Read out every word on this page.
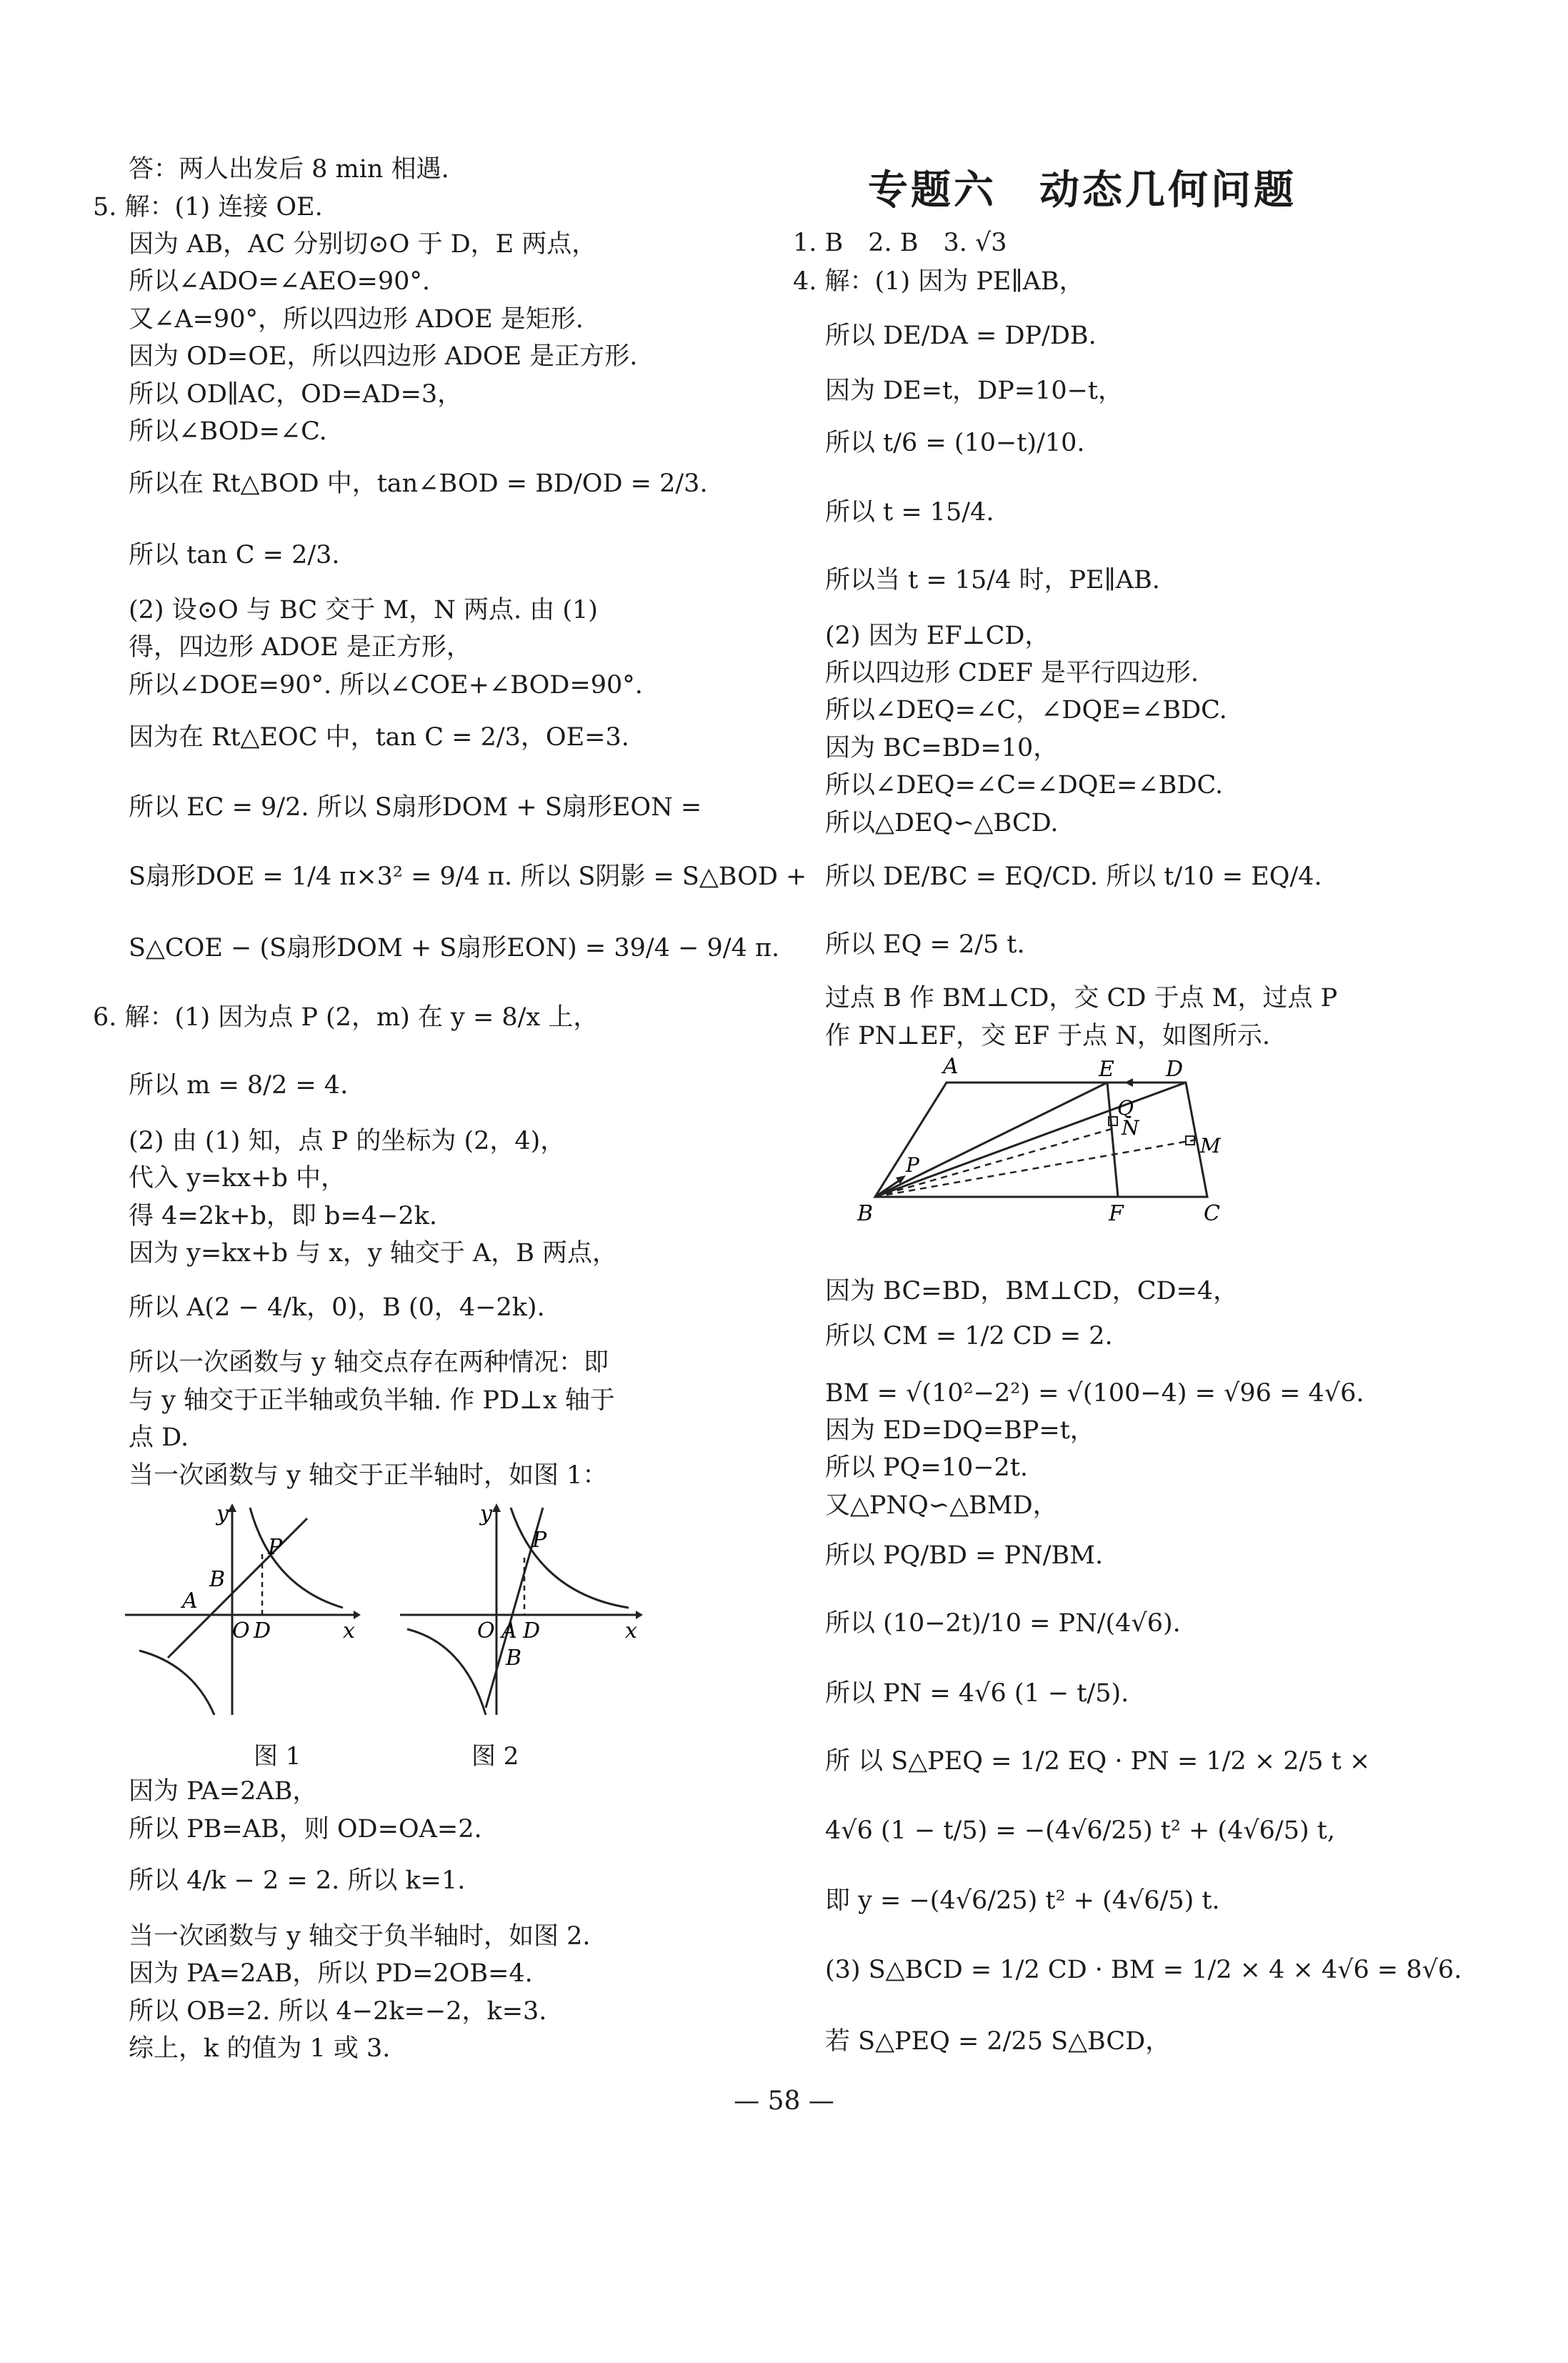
答：两人出发后 8 min 相遇.
5. 解：(1) 连接 OE.
因为 AB，AC 分别切⊙O 于 D，E 两点，
所以∠ADO=∠AEO=90°.
又∠A=90°，所以四边形 ADOE 是矩形.
因为 OD=OE，所以四边形 ADOE 是正方形.
所以 OD∥AC，OD=AD=3，
所以∠BOD=∠C.
所以在 Rt△BOD 中，tan∠BOD = BD/OD = 2/3.
所以 tan C = 2/3.
(2) 设⊙O 与 BC 交于 M，N 两点. 由 (1)
得，四边形 ADOE 是正方形，
所以∠DOE=90°. 所以∠COE+∠BOD=90°.
因为在 Rt△EOC 中，tan C = 2/3，OE=3.
所以 EC = 9/2. 所以 S扇形DOM + S扇形EON =
S扇形DOE = 1/4 π×3² = 9/4 π. 所以 S阴影 = S△BOD +
S△COE − (S扇形DOM + S扇形EON) = 39/4 − 9/4 π.
6. 解：(1) 因为点 P (2，m) 在 y = 8/x 上，
所以 m = 8/2 = 4.
(2) 由 (1) 知，点 P 的坐标为 (2，4)，
代入 y=kx+b 中，
得 4=2k+b，即 b=4−2k.
因为 y=kx+b 与 x，y 轴交于 A，B 两点，
所以 A(2 − 4/k，0)，B (0，4−2k).
所以一次函数与 y 轴交点存在两种情况：即
与 y 轴交于正半轴或负半轴. 作 PD⊥x 轴于
点 D.
当一次函数与 y 轴交于正半轴时，如图 1：
y
B
A
P
O D	x
图 1
y
P
O A D
B
x
图 2
因为 PA=2AB，
所以 PB=AB，则 OD=OA=2.
所以 4/k − 2 = 2. 所以 k=1.
当一次函数与 y 轴交于负半轴时，如图 2.
因为 PA=2AB，所以 PD=2OB=4.
所以 OB=2. 所以 4−2k=−2，k=3.
综上，k 的值为 1 或 3.
专题六　动态几何问题
1. B　2. B　3. √3
4. 解：(1) 因为 PE∥AB，
所以 DE/DA = DP/DB.
因为 DE=t，DP=10−t，
所以 t/6 = (10−t)/10.
所以 t = 15/4.
所以当 t = 15/4 时，PE∥AB.
(2) 因为 EF⊥CD，
所以四边形 CDEF 是平行四边形.
所以∠DEQ=∠C，∠DQE=∠BDC.
因为 BC=BD=10，
所以∠DEQ=∠C=∠DQE=∠BDC.
所以△DEQ∽△BCD.
所以 DE/BC = EQ/CD. 所以 t/10 = EQ/4.
所以 EQ = 2/5 t.
过点 B 作 BM⊥CD，交 CD 于点 M，过点 P
作 PN⊥EF，交 EF 于点 N，如图所示.
A	E D
Q
N
M
P
B	F	C
因为 BC=BD，BM⊥CD，CD=4，
所以 CM = 1/2 CD = 2.
BM = √(10²−2²) = √(100−4) = √96 = 4√6.
因为 ED=DQ=BP=t，
所以 PQ=10−2t.
又△PNQ∽△BMD，
所以 PQ/BD = PN/BM.
所以 (10−2t)/10 = PN/(4√6).
所以 PN = 4√6 (1 − t/5).
所 以 S△PEQ = 1/2 EQ · PN = 1/2 × 2/5 t ×
4√6 (1 − t/5) = −(4√6/25) t² + (4√6/5) t,
即 y = −(4√6/25) t² + (4√6/5) t.
(3) S△BCD = 1/2 CD · BM = 1/2 × 4 × 4√6 = 8√6.
若 S△PEQ = 2/25 S△BCD，
— 58 —
